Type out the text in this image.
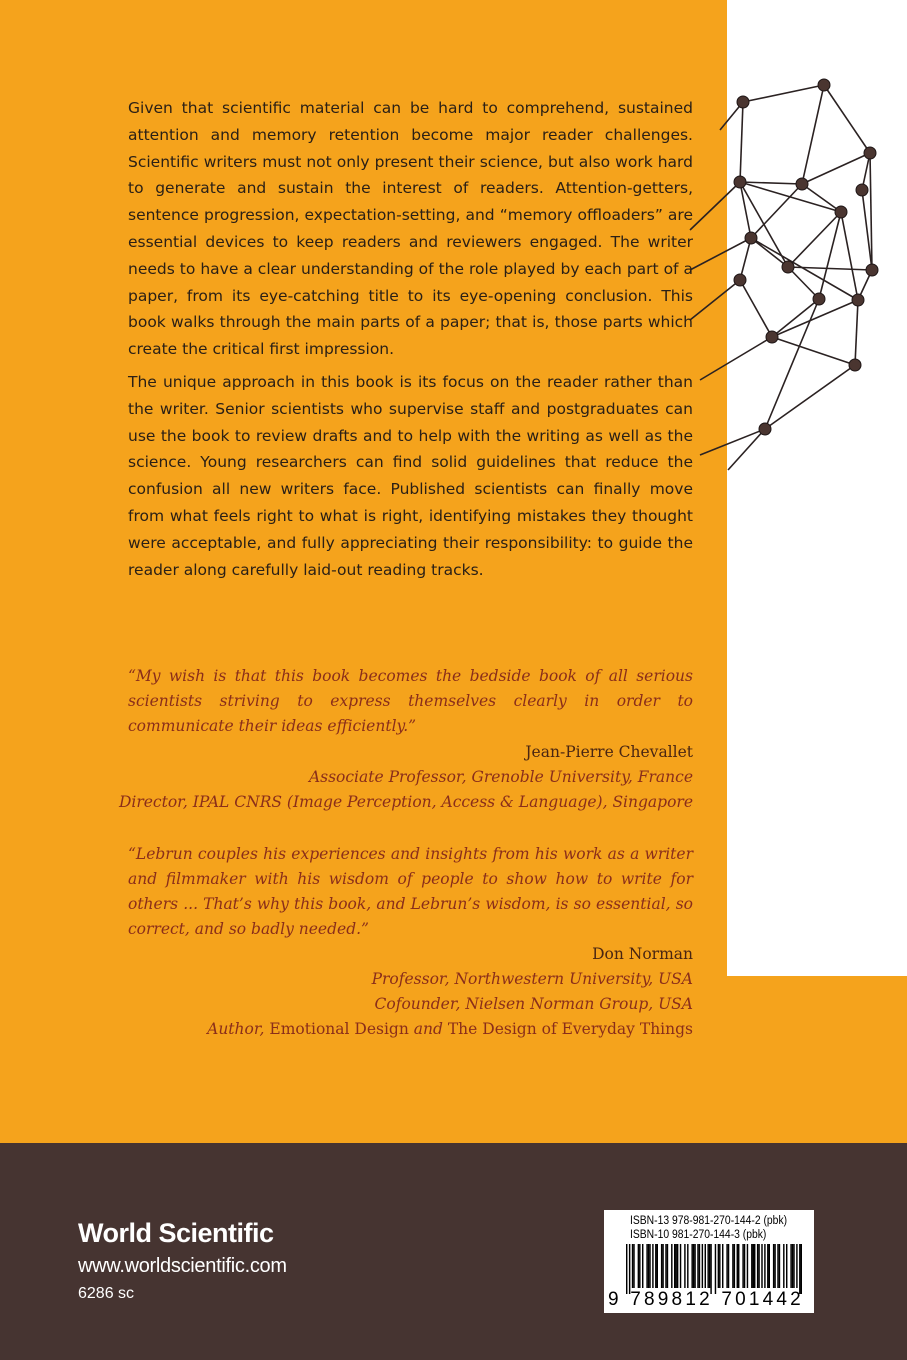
Given that scientific material can be hard to comprehend, sustained attention and memory retention become major reader challenges. Scientific writers must not only present their science, but also work hard to generate and sustain the interest of readers. Attention-getters, sentence progression, expectation-setting, and “memory offloaders” are essential devices to keep readers and reviewers engaged. The writer needs to have a clear understanding of the role played by each part of a paper, from its eye-catching title to its eye-opening conclusion. This book walks through the main parts of a paper; that is, those parts which create the critical first impression.

The unique approach in this book is its focus on the reader rather than the writer. Senior scientists who supervise staff and postgraduates can use the book to review drafts and to help with the writing as well as the science. Young researchers can find solid guidelines that reduce the confusion all new writers face. Published scientists can finally move from what feels right to what is right, identifying mistakes they thought were acceptable, and fully appreciating their responsibility: to guide the reader along carefully laid-out reading tracks.

“My wish is that this book becomes the bedside book of all serious scientists striving to express themselves clearly in order to communicate their ideas efficiently.”

Jean-Pierre Chevallet

Associate Professor, Grenoble University, France

Director, IPAL CNRS (Image Perception, Access & Language), Singapore

“Lebrun couples his experiences and insights from his work as a writer and filmmaker with his wisdom of people to show how to write for others ... That’s why this book, and Lebrun’s wisdom, is so essential, so correct, and so badly needed.”

Don Norman

Professor, Northwestern University, USA

Cofounder, Nielsen Norman Group, USA

Author, Emotional Design and The Design of Everyday Things

World Scientific

www.worldscientific.com

6286 sc

ISBN-13 978-981-270-144-2 (pbk)

ISBN-10 981-270-144-3 (pbk)

9 789812 701442
